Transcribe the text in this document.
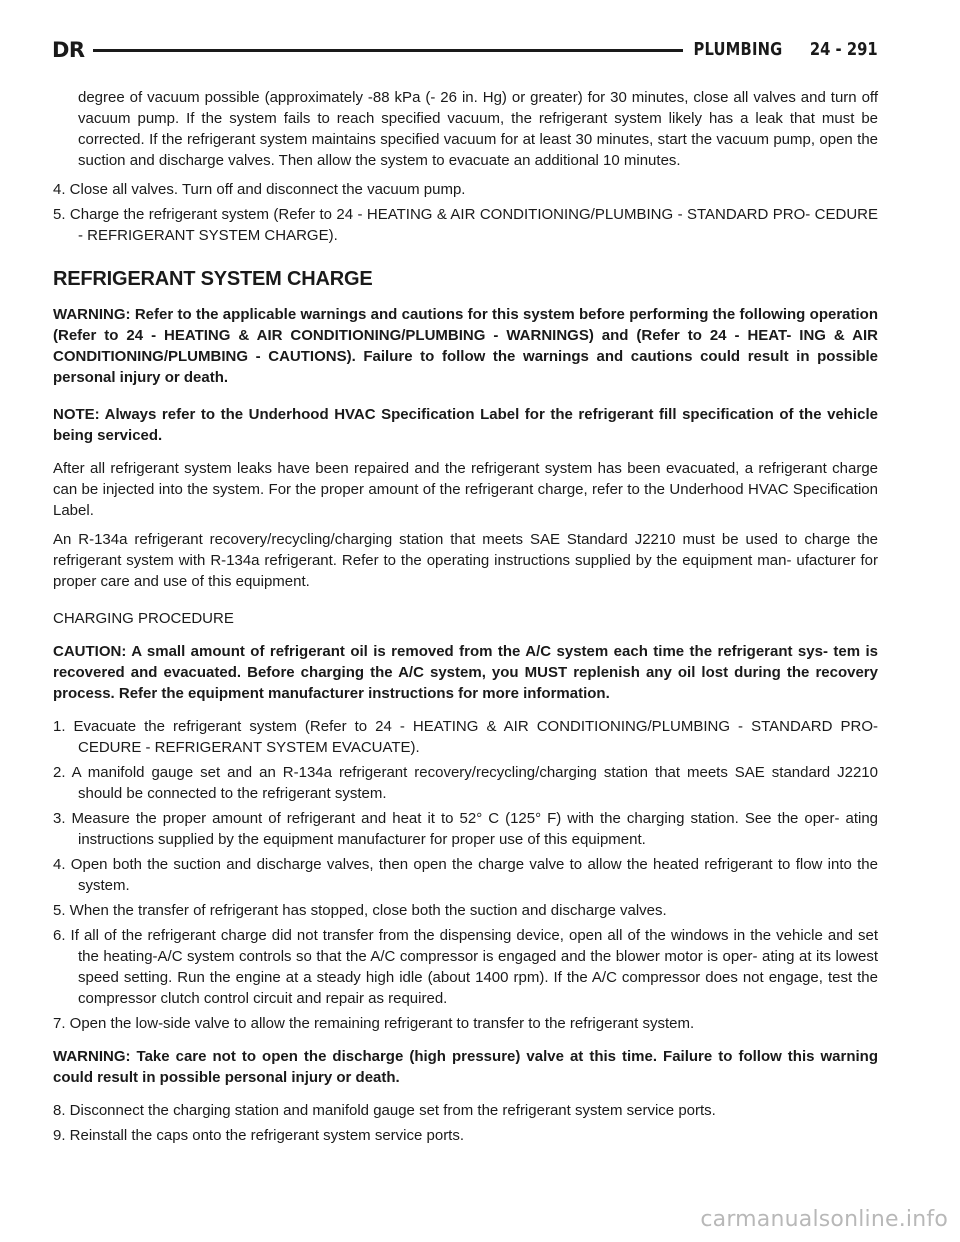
DR	PLUMBING 24 - 291

degree of vacuum possible (approximately -88 kPa (- 26 in. Hg) or greater) for 30 minutes, close all valves and turn off vacuum pump. If the system fails to reach specified vacuum, the refrigerant system likely has a leak that must be corrected. If the refrigerant system maintains specified vacuum for at least 30 minutes, start the vacuum pump, open the suction and discharge valves. Then allow the system to evacuate an additional 10 minutes.

4. Close all valves. Turn off and disconnect the vacuum pump.

5. Charge the refrigerant system (Refer to 24 - HEATING & AIR CONDITIONING/PLUMBING - STANDARD PRO- CEDURE - REFRIGERANT SYSTEM CHARGE).

REFRIGERANT SYSTEM CHARGE

WARNING: Refer to the applicable warnings and cautions for this system before performing the following operation (Refer to 24 - HEATING & AIR CONDITIONING/PLUMBING - WARNINGS) and (Refer to 24 - HEAT- ING & AIR CONDITIONING/PLUMBING - CAUTIONS). Failure to follow the warnings and cautions could result in possible personal injury or death.

NOTE: Always refer to the Underhood HVAC Specification Label for the refrigerant fill specification of the vehicle being serviced.

After all refrigerant system leaks have been repaired and the refrigerant system has been evacuated, a refrigerant charge can be injected into the system. For the proper amount of the refrigerant charge, refer to the Underhood HVAC Specification Label.

An R-134a refrigerant recovery/recycling/charging station that meets SAE Standard J2210 must be used to charge the refrigerant system with R-134a refrigerant. Refer to the operating instructions supplied by the equipment man- ufacturer for proper care and use of this equipment.

CHARGING PROCEDURE

CAUTION: A small amount of refrigerant oil is removed from the A/C system each time the refrigerant sys- tem is recovered and evacuated. Before charging the A/C system, you MUST replenish any oil lost during the recovery process. Refer the equipment manufacturer instructions for more information.

1. Evacuate the refrigerant system (Refer to 24 - HEATING & AIR CONDITIONING/PLUMBING - STANDARD PRO- CEDURE - REFRIGERANT SYSTEM EVACUATE).

2. A manifold gauge set and an R-134a refrigerant recovery/recycling/charging station that meets SAE standard J2210 should be connected to the refrigerant system.

3. Measure the proper amount of refrigerant and heat it to 52° C (125° F) with the charging station. See the oper- ating instructions supplied by the equipment manufacturer for proper use of this equipment.

4. Open both the suction and discharge valves, then open the charge valve to allow the heated refrigerant to flow into the system.

5. When the transfer of refrigerant has stopped, close both the suction and discharge valves.

6. If all of the refrigerant charge did not transfer from the dispensing device, open all of the windows in the vehicle and set the heating-A/C system controls so that the A/C compressor is engaged and the blower motor is oper- ating at its lowest speed setting. Run the engine at a steady high idle (about 1400 rpm). If the A/C compressor does not engage, test the compressor clutch control circuit and repair as required.

7. Open the low-side valve to allow the remaining refrigerant to transfer to the refrigerant system.

WARNING: Take care not to open the discharge (high pressure) valve at this time. Failure to follow this warning could result in possible personal injury or death.

8. Disconnect the charging station and manifold gauge set from the refrigerant system service ports.

9. Reinstall the caps onto the refrigerant system service ports.

carmanualsonline.info
